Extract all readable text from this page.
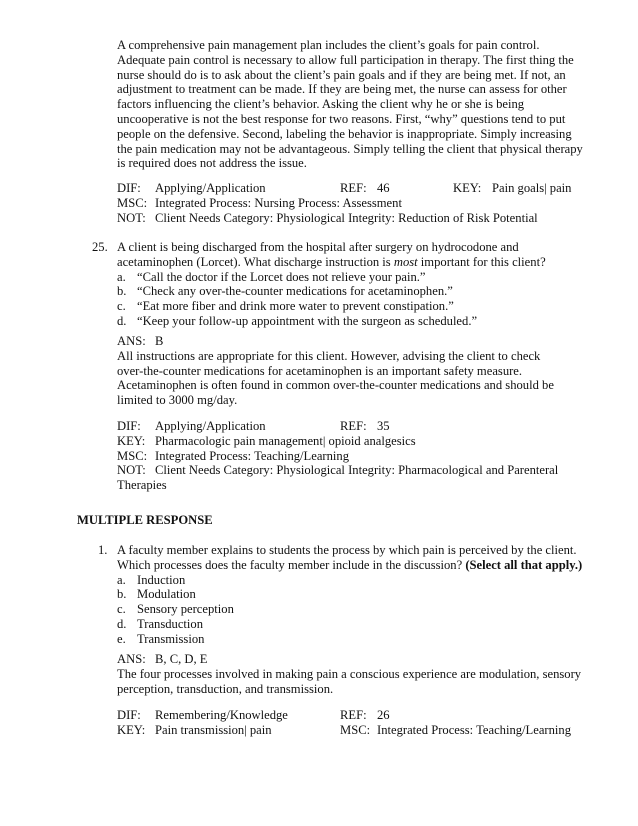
A comprehensive pain management plan includes the client’s goals for pain control.

Adequate pain control is necessary to allow full participation in therapy. The first thing the

nurse should do is to ask about the client’s pain goals and if they are being met. If not, an

adjustment to treatment can be made. If they are being met, the nurse can assess for other

factors influencing the client’s behavior. Asking the client why he or she is being

uncooperative is not the best response for two reasons. First, “why” questions tend to put

people on the defensive. Second, labeling the behavior is inappropriate. Simply increasing

the pain medication may not be advantageous. Simply telling the client that physical therapy

is required does not address the issue.

DIF: Applying/Application	REF: 46	KEY: Pain goals| pain
MSC: Integrated Process: Nursing Process: Assessment
NOT: Client Needs Category: Physiological Integrity: Reduction of Risk Potential
25. A client is being discharged from the hospital after surgery on hydrocodone and

acetaminophen (Lorcet). What discharge instruction is most important for this client?

a. “Call the doctor if the Lorcet does not relieve your pain.”
b. “Check any over-the-counter medications for acetaminophen.”
c. “Eat more fiber and drink more water to prevent constipation.”
d. “Keep your follow-up appointment with the surgeon as scheduled.”
ANS: B

All instructions are appropriate for this client. However, advising the client to check

over-the-counter medications for acetaminophen is an important safety measure.

Acetaminophen is often found in common over-the-counter medications and should be

limited to 3000 mg/day.

DIF: Applying/Application	REF: 35
KEY: Pharmacologic pain management| opioid analgesics
MSC: Integrated Process: Teaching/Learning
NOT: Client Needs Category: Physiological Integrity: Pharmacological and Parenteral

Therapies

MULTIPLE RESPONSE
1. A faculty member explains to students the process by which pain is perceived by the client.

Which processes does the faculty member include in the discussion? (Select all that apply.)

a. Induction
b. Modulation
c. Sensory perception
d. Transduction
e. Transmission
ANS: B, C, D, E

The four processes involved in making pain a conscious experience are modulation, sensory

perception, transduction, and transmission.

DIF: Remembering/Knowledge	REF: 26
KEY: Pain transmission| pain	MSC: Integrated Process: Teaching/Learning
